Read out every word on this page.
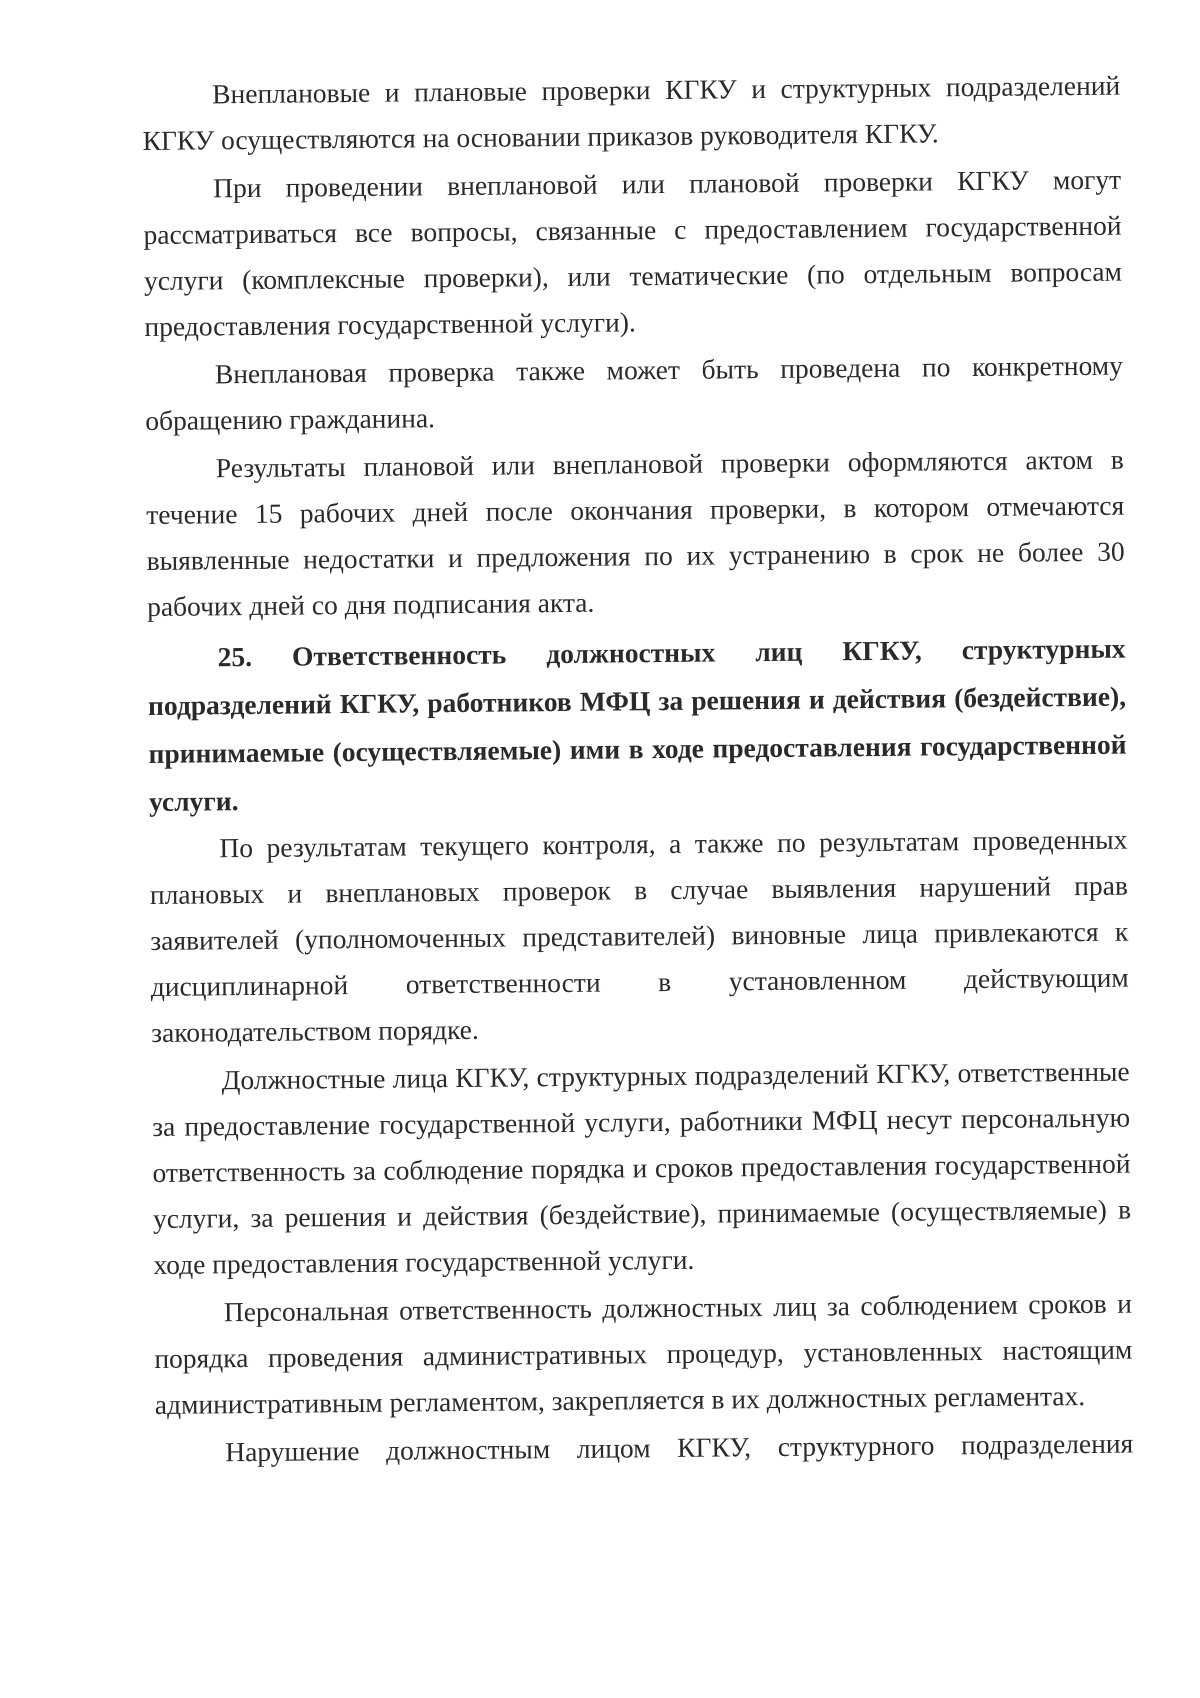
Внеплановые и плановые проверки КГКУ и структурных подразделений КГКУ осуществляются на основании приказов руководителя КГКУ.

При проведении внеплановой или плановой проверки КГКУ могут рассматриваться все вопросы, связанные с предоставлением государственной услуги (комплексные проверки), или тематические (по отдельным вопросам предоставления государственной услуги).

Внеплановая проверка также может быть проведена по конкретному обращению гражданина.

Результаты плановой или внеплановой проверки оформляются актом в течение 15 рабочих дней после окончания проверки, в котором отмечаются выявленные недостатки и предложения по их устранению в срок не более 30 рабочих дней со дня подписания акта.

25. Ответственность должностных лиц КГКУ, структурных подразделений КГКУ, работников МФЦ за решения и действия (бездействие), принимаемые (осуществляемые) ими в ходе предоставления государственной услуги.

По результатам текущего контроля, а также по результатам проведенных плановых и внеплановых проверок в случае выявления нарушений прав заявителей (уполномоченных представителей) виновные лица привлекаются к дисциплинарной ответственности в установленном действующим законодательством порядке.

Должностные лица КГКУ, структурных подразделений КГКУ, ответственные за предоставление государственной услуги, работники МФЦ несут персональную ответственность за соблюдение порядка и сроков предоставления государственной услуги, за решения и действия (бездействие), принимаемые (осуществляемые) в ходе предоставления государственной услуги.

Персональная ответственность должностных лиц за соблюдением сроков и порядка проведения административных процедур, установленных настоящим административным регламентом, закрепляется в их должностных регламентах.

Нарушение должностным лицом КГКУ, структурного подразделения
